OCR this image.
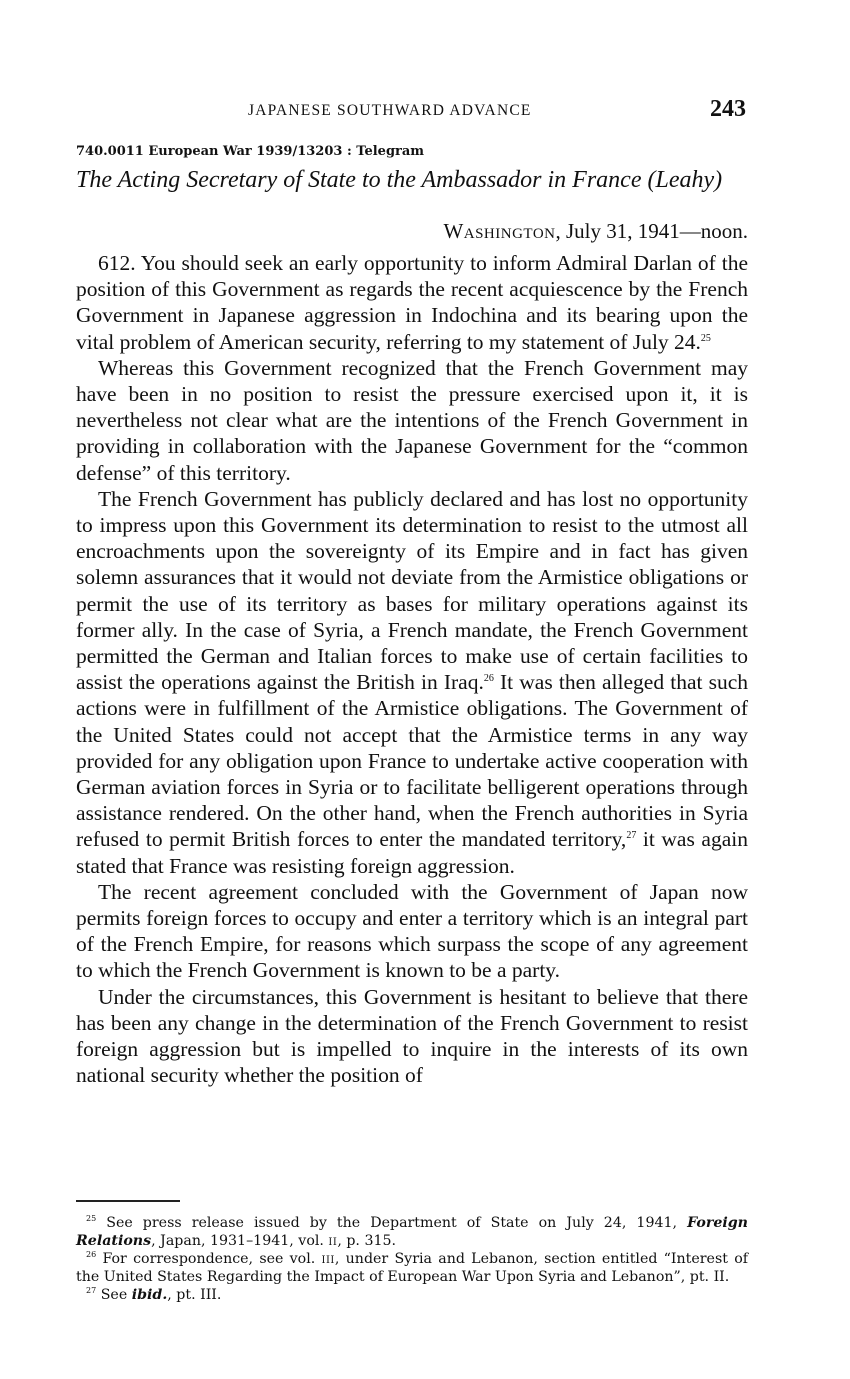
JAPANESE SOUTHWARD ADVANCE	243
740.0011 European War 1939/13203 : Telegram
The Acting Secretary of State to the Ambassador in France (Leahy)
Washington, July 31, 1941—noon.

612. You should seek an early opportunity to inform Admiral Darlan of the position of this Government as regards the recent acquiescence by the French Government in Japanese aggression in Indochina and its bearing upon the vital problem of American security, referring to my statement of July 24.25

Whereas this Government recognized that the French Government may have been in no position to resist the pressure exercised upon it, it is nevertheless not clear what are the intentions of the French Government in providing in collaboration with the Japanese Government for the “common defense” of this territory.

The French Government has publicly declared and has lost no opportunity to impress upon this Government its determination to resist to the utmost all encroachments upon the sovereignty of its Empire and in fact has given solemn assurances that it would not deviate from the Armistice obligations or permit the use of its territory as bases for military operations against its former ally. In the case of Syria, a French mandate, the French Government permitted the German and Italian forces to make use of certain facilities to assist the operations against the British in Iraq.$^{26}$ It was then alleged that such actions were in fulfillment of the Armistice obligations. The Government of the United States could not accept that the Armistice terms in any way provided for any obligation upon France to undertake active cooperation with German aviation forces in Syria or to facilitate belligerent operations through assistance rendered. On the other hand, when the French authorities in Syria refused to permit British forces to enter the mandated territory,$^{27}$ it was again stated that France was resisting foreign aggression.

The recent agreement concluded with the Government of Japan now permits foreign forces to occupy and enter a territory which is an integral part of the French Empire, for reasons which surpass the scope of any agreement to which the French Government is known to be a party.

Under the circumstances, this Government is hesitant to believe that there has been any change in the determination of the French Government to resist foreign aggression but is impelled to inquire in the interests of its own national security whether the position of

$^{25}$ See press release issued by the Department of State on July 24, 1941, Foreign Relations, Japan, 1931–1941, vol. ii, p. 315.

$^{26}$ For correspondence, see vol. iii, under Syria and Lebanon, section entitled “Interest of the United States Regarding the Impact of European War Upon Syria and Lebanon”, pt. II.

$^{27}$ See ibid., pt. III.
